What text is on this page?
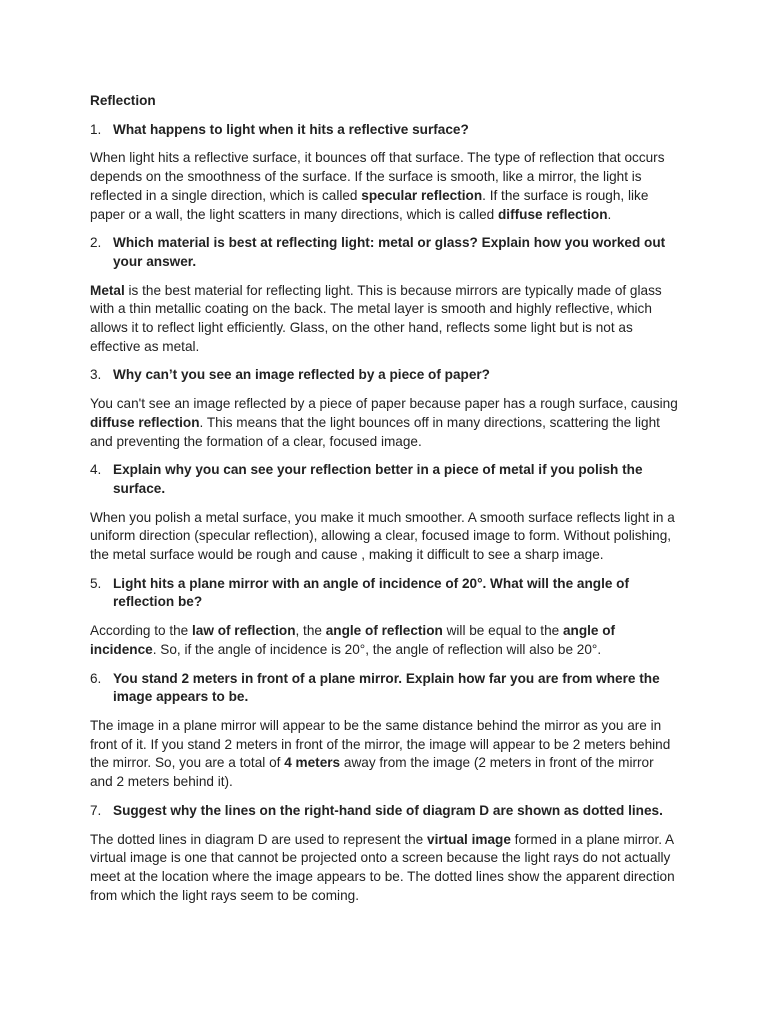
Reflection
1. What happens to light when it hits a reflective surface?
When light hits a reflective surface, it bounces off that surface. The type of reflection that occurs depends on the smoothness of the surface. If the surface is smooth, like a mirror, the light is reflected in a single direction, which is called specular reflection. If the surface is rough, like paper or a wall, the light scatters in many directions, which is called diffuse reflection.
2. Which material is best at reflecting light: metal or glass? Explain how you worked out your answer.
Metal is the best material for reflecting light. This is because mirrors are typically made of glass with a thin metallic coating on the back. The metal layer is smooth and highly reflective, which allows it to reflect light efficiently. Glass, on the other hand, reflects some light but is not as effective as metal.
3. Why can’t you see an image reflected by a piece of paper?
You can't see an image reflected by a piece of paper because paper has a rough surface, causing diffuse reflection. This means that the light bounces off in many directions, scattering the light and preventing the formation of a clear, focused image.
4. Explain why you can see your reflection better in a piece of metal if you polish the surface.
When you polish a metal surface, you make it much smoother. A smooth surface reflects light in a uniform direction (specular reflection), allowing a clear, focused image to form. Without polishing, the metal surface would be rough and cause , making it difficult to see a sharp image.
5. Light hits a plane mirror with an angle of incidence of 20°. What will the angle of reflection be?
According to the law of reflection, the angle of reflection will be equal to the angle of incidence. So, if the angle of incidence is 20°, the angle of reflection will also be 20°.
6. You stand 2 meters in front of a plane mirror. Explain how far you are from where the image appears to be.
The image in a plane mirror will appear to be the same distance behind the mirror as you are in front of it. If you stand 2 meters in front of the mirror, the image will appear to be 2 meters behind the mirror. So, you are a total of 4 meters away from the image (2 meters in front of the mirror and 2 meters behind it).
7. Suggest why the lines on the right-hand side of diagram D are shown as dotted lines.
The dotted lines in diagram D are used to represent the virtual image formed in a plane mirror. A virtual image is one that cannot be projected onto a screen because the light rays do not actually meet at the location where the image appears to be. The dotted lines show the apparent direction from which the light rays seem to be coming.
